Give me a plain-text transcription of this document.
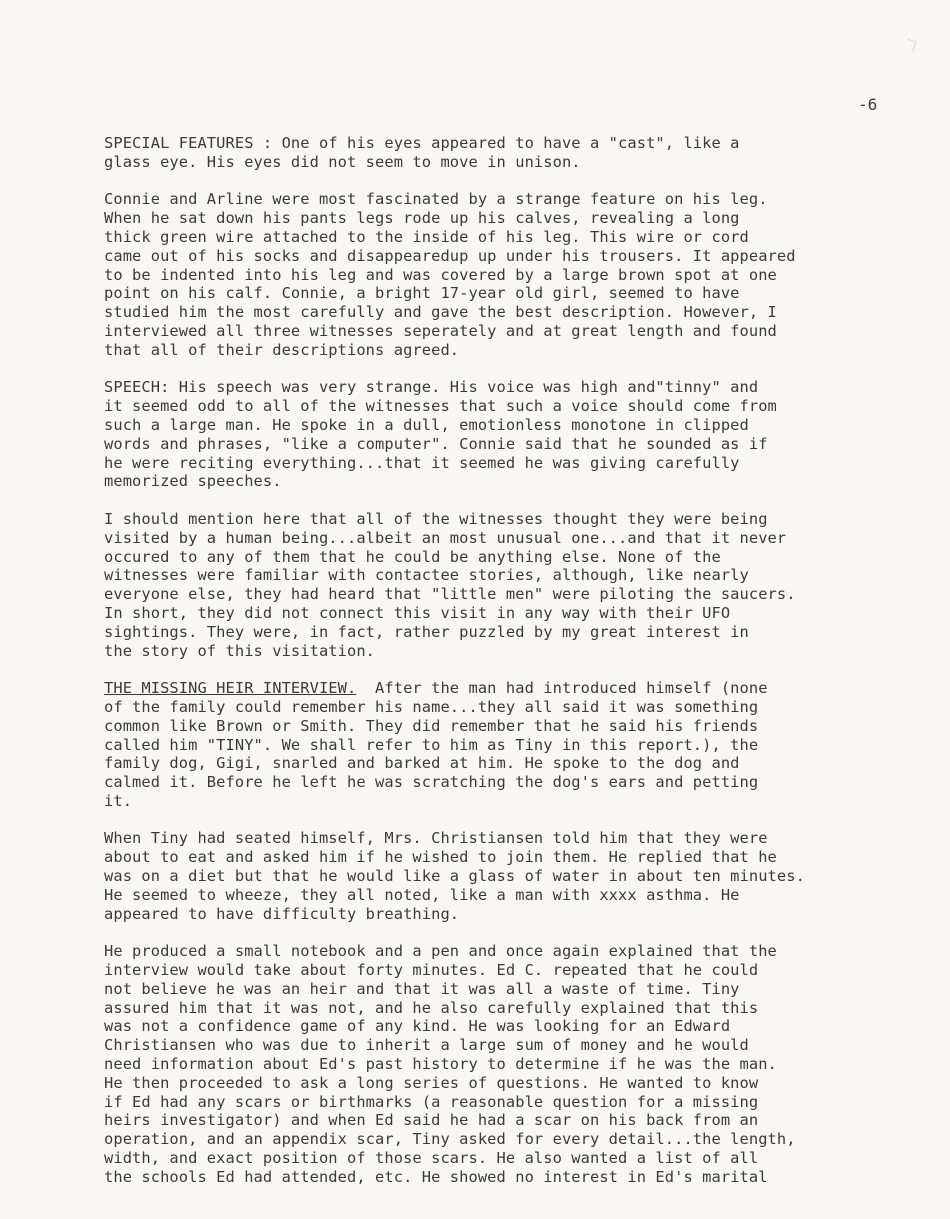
-6
SPECIAL FEATURES : One of his eyes appeared to have a "cast", like a
glass eye. His eyes did not seem to move in unison.
Connie and Arline were most fascinated by a strange feature on his leg.
When he sat down his pants legs rode up his calves, revealing a long
thick green wire attached to the inside of his leg. This wire or cord
came out of his socks and disappearedup up under his trousers. It appeared
to be indented into his leg and was covered by a large brown spot at one
point on his calf. Connie, a bright 17-year old girl, seemed to have
studied him the most carefully and gave the best description. However, I
interviewed all three witnesses seperately and at great length and found
that all of their descriptions agreed.
SPEECH: His speech was very strange. His voice was high and"tinny" and
it seemed odd to all of the witnesses that such a voice should come from
such a large man. He spoke in a dull, emotionless monotone in clipped
words and phrases, "like a computer". Connie said that he sounded as if
he were reciting everything...that it seemed he was giving carefully
memorized speeches.
I should mention here that all of the witnesses thought they were being
visited by a human being...albeit an most unusual one...and that it never
occured to any of them that he could be anything else. None of the
witnesses were familiar with contactee stories, although, like nearly
everyone else, they had heard that "little men" were piloting the saucers.
In short, they did not connect this visit in any way with their UFO
sightings. They were, in fact, rather puzzled by my great interest in
the story of this visitation.
THE MISSING HEIR INTERVIEW.  After the man had introduced himself (none
of the family could remember his name...they all said it was something
common like Brown or Smith. They did remember that he said his friends
called him "TINY". We shall refer to him as Tiny in this report.), the
family dog, Gigi, snarled and barked at him. He spoke to the dog and
calmed it. Before he left he was scratching the dog's ears and petting
it.
When Tiny had seated himself, Mrs. Christiansen told him that they were
about to eat and asked him if he wished to join them. He replied that he
was on a diet but that he would like a glass of water in about ten minutes.
He seemed to wheeze, they all noted, like a man with xxxx asthma. He
appeared to have difficulty breathing.
He produced a small notebook and a pen and once again explained that the
interview would take about forty minutes. Ed C. repeated that he could
not believe he was an heir and that it was all a waste of time. Tiny
assured him that it was not, and he also carefully explained that this
was not a confidence game of any kind. He was looking for an Edward
Christiansen who was due to inherit a large sum of money and he would
need information about Ed's past history to determine if he was the man.
He then proceeded to ask a long series of questions. He wanted to know
if Ed had any scars or birthmarks (a reasonable question for a missing
heirs investigator) and when Ed said he had a scar on his back from an
operation, and an appendix scar, Tiny asked for every detail...the length,
width, and exact position of those scars. He also wanted a list of all
the schools Ed had attended, etc. He showed no interest in Ed's marital
